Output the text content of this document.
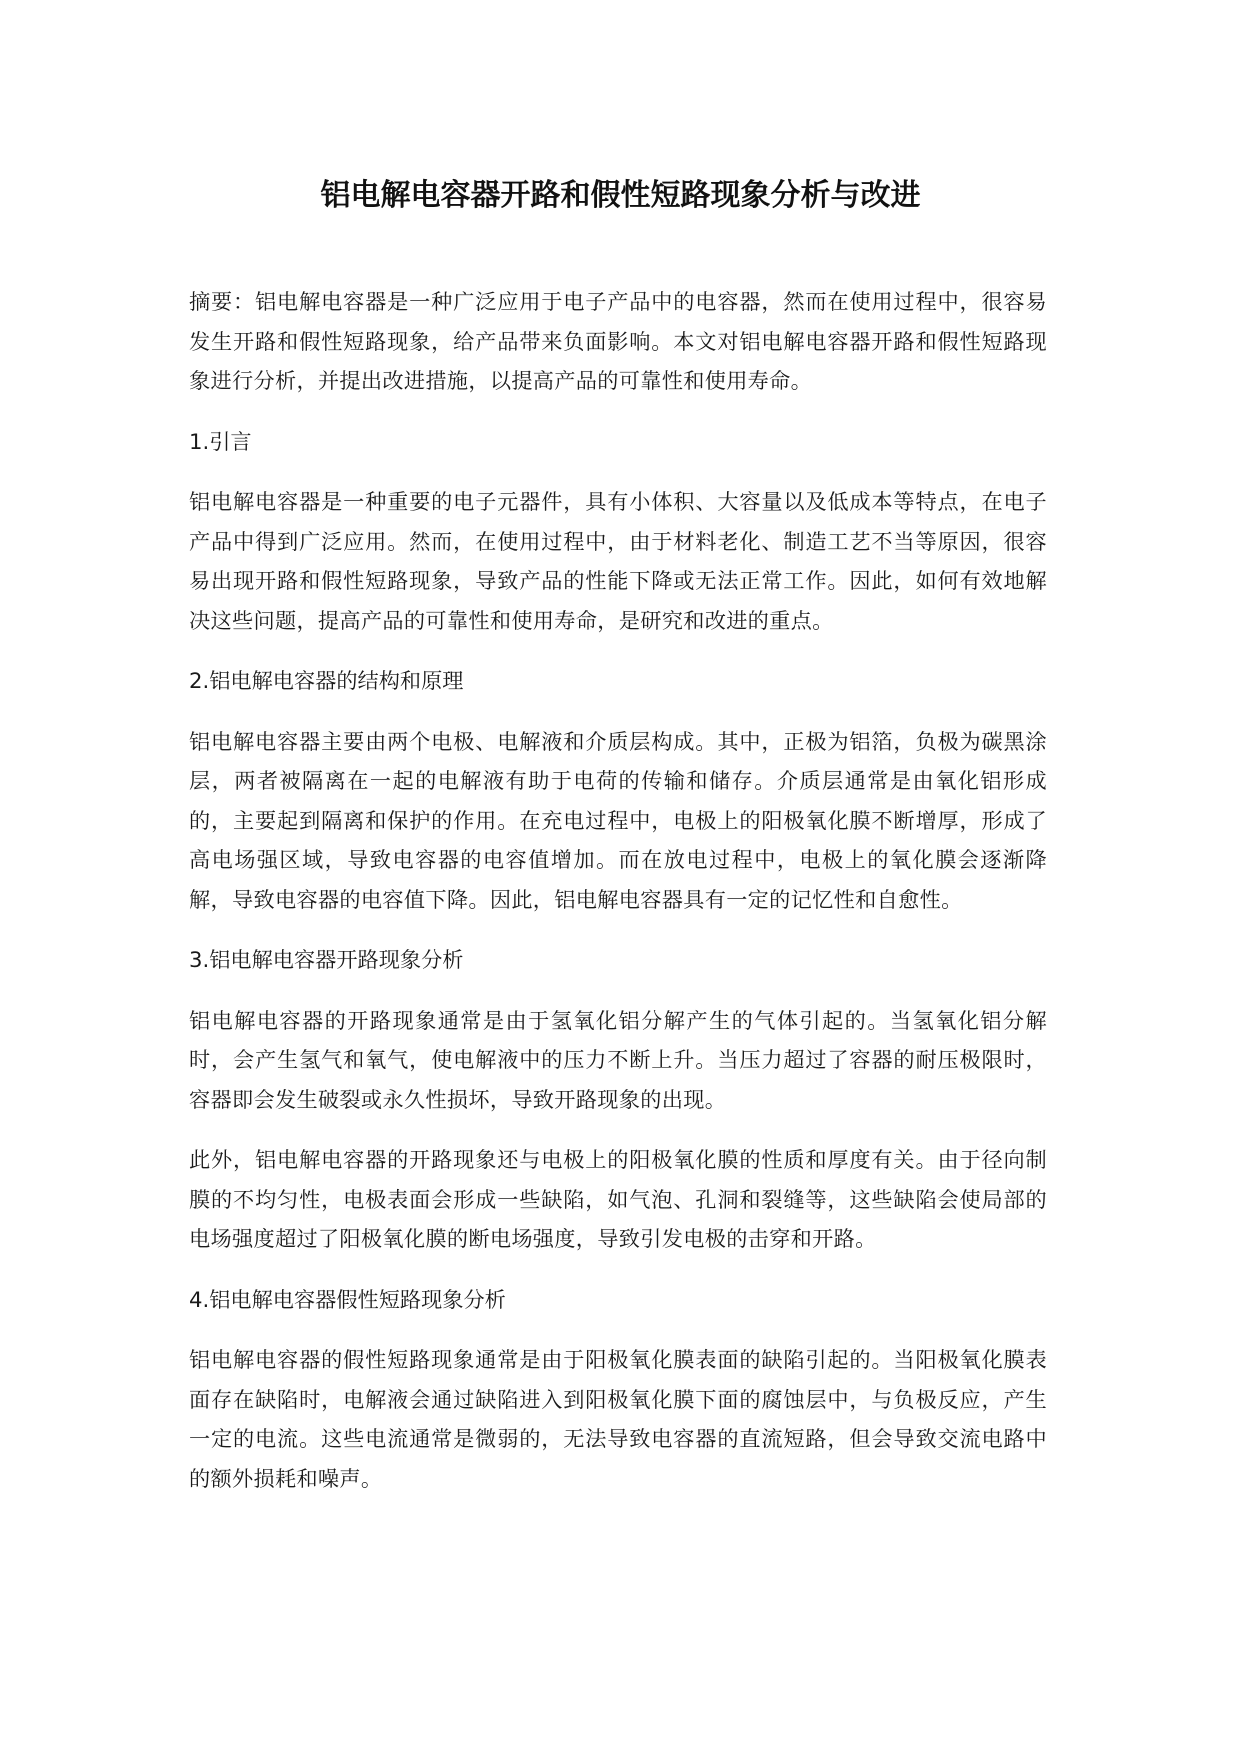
铝电解电容器开路和假性短路现象分析与改进

摘要：铝电解电容器是一种广泛应用于电子产品中的电容器，然而在使用过程中，很容易发生开路和假性短路现象，给产品带来负面影响。本文对铝电解电容器开路和假性短路现象进行分析，并提出改进措施，以提高产品的可靠性和使用寿命。

1.引言

铝电解电容器是一种重要的电子元器件，具有小体积、大容量以及低成本等特点，在电子产品中得到广泛应用。然而，在使用过程中，由于材料老化、制造工艺不当等原因，很容易出现开路和假性短路现象，导致产品的性能下降或无法正常工作。因此，如何有效地解决这些问题，提高产品的可靠性和使用寿命，是研究和改进的重点。

2.铝电解电容器的结构和原理

铝电解电容器主要由两个电极、电解液和介质层构成。其中，正极为铝箔，负极为碳黑涂层，两者被隔离在一起的电解液有助于电荷的传输和储存。介质层通常是由氧化铝形成的，主要起到隔离和保护的作用。在充电过程中，电极上的阳极氧化膜不断增厚，形成了高电场强区域，导致电容器的电容值增加。而在放电过程中，电极上的氧化膜会逐渐降解，导致电容器的电容值下降。因此，铝电解电容器具有一定的记忆性和自愈性。

3.铝电解电容器开路现象分析

铝电解电容器的开路现象通常是由于氢氧化铝分解产生的气体引起的。当氢氧化铝分解时，会产生氢气和氧气，使电解液中的压力不断上升。当压力超过了容器的耐压极限时，容器即会发生破裂或永久性损坏，导致开路现象的出现。

此外，铝电解电容器的开路现象还与电极上的阳极氧化膜的性质和厚度有关。由于径向制膜的不均匀性，电极表面会形成一些缺陷，如气泡、孔洞和裂缝等，这些缺陷会使局部的电场强度超过了阳极氧化膜的断电场强度，导致引发电极的击穿和开路。

4.铝电解电容器假性短路现象分析

铝电解电容器的假性短路现象通常是由于阳极氧化膜表面的缺陷引起的。当阳极氧化膜表面存在缺陷时，电解液会通过缺陷进入到阳极氧化膜下面的腐蚀层中，与负极反应，产生一定的电流。这些电流通常是微弱的，无法导致电容器的直流短路，但会导致交流电路中的额外损耗和噪声。
